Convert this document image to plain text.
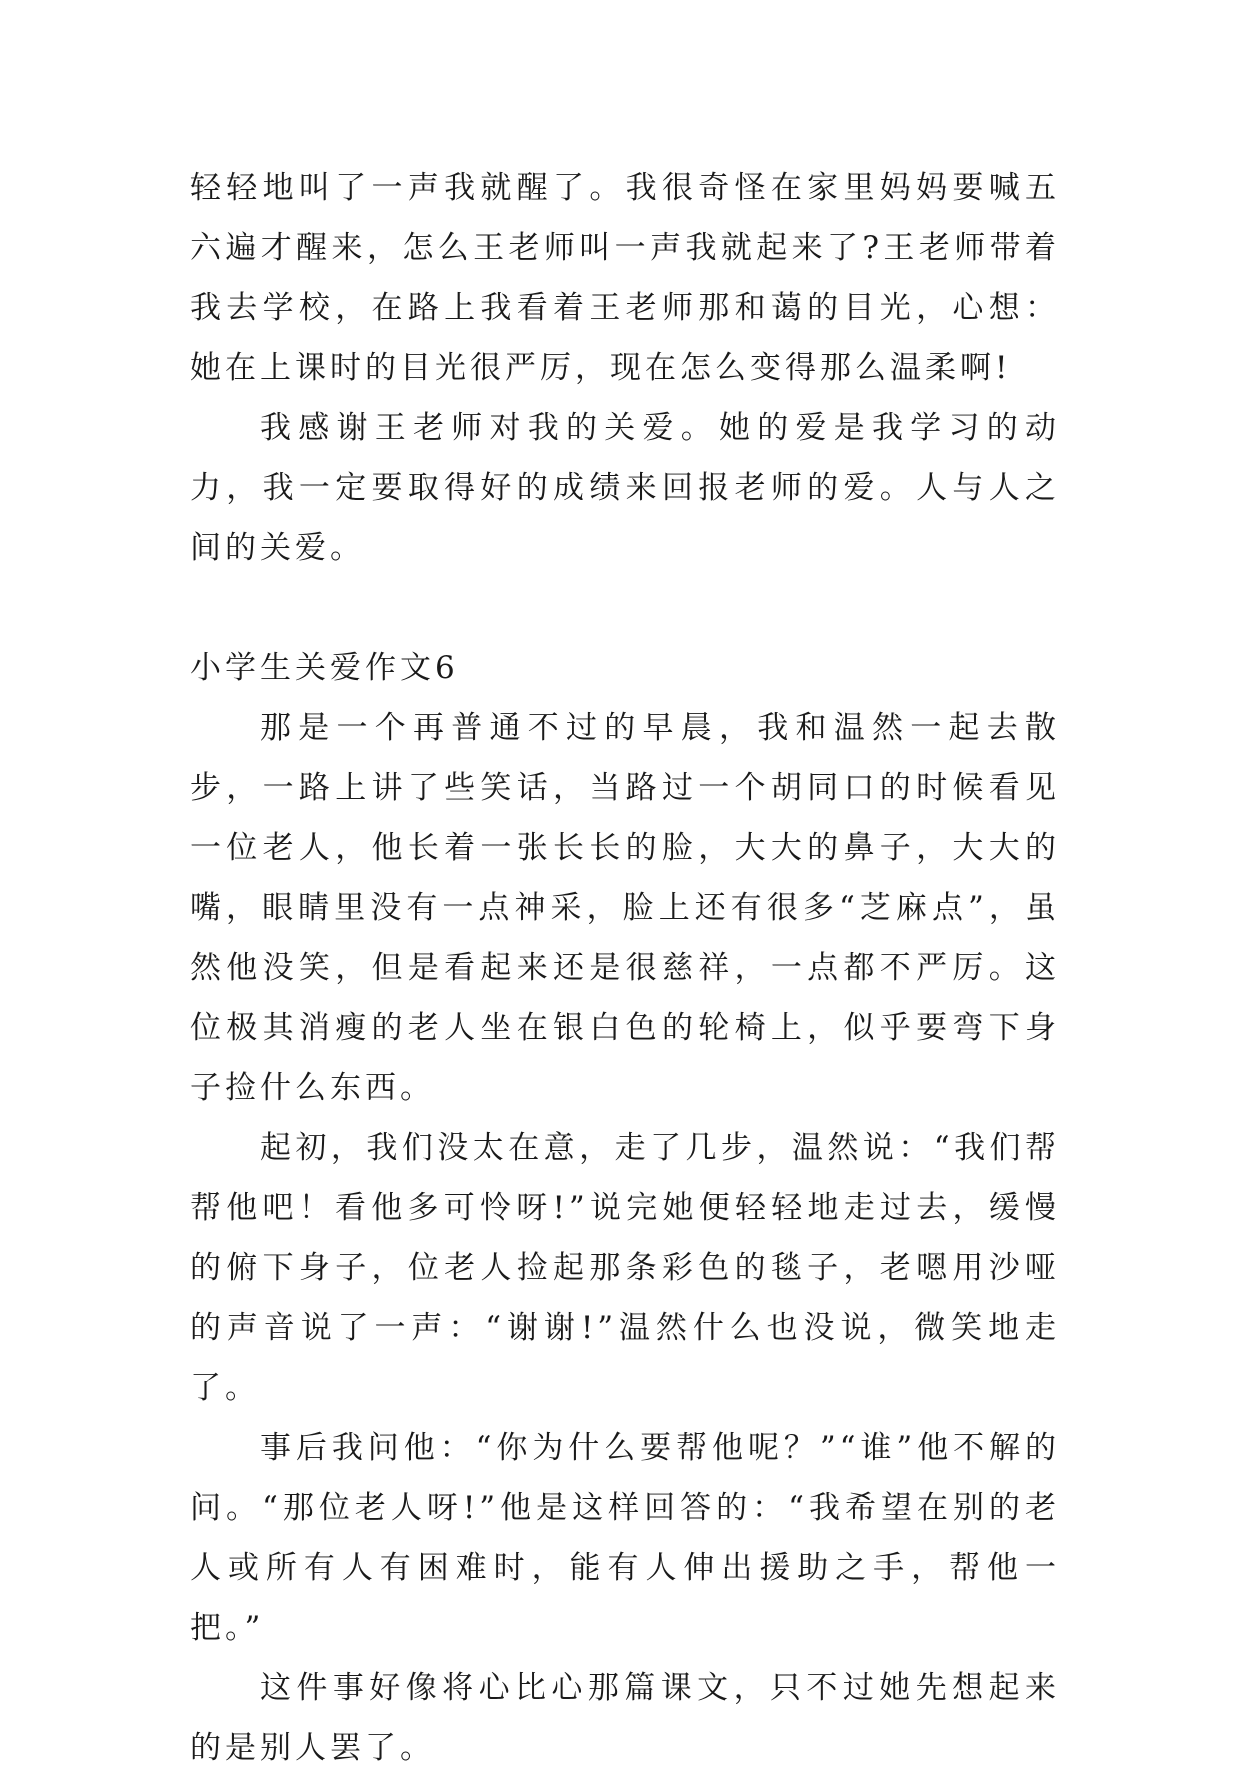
轻轻地叫了一声我就醒了。我很奇怪在家里妈妈要喊五六遍才醒来，怎么王老师叫一声我就起来了?王老师带着我去学校，在路上我看着王老师那和蔼的目光，心想：她在上课时的目光很严厉，现在怎么变得那么温柔啊!

我感谢王老师对我的关爱。她的爱是我学习的动力，我一定要取得好的成绩来回报老师的爱。人与人之间的关爱。

小学生关爱作文6

那是一个再普通不过的早晨，我和温然一起去散步，一路上讲了些笑话，当路过一个胡同口的时候看见一位老人，他长着一张长长的脸，大大的鼻子，大大的嘴，眼睛里没有一点神采，脸上还有很多“芝麻点”，虽然他没笑，但是看起来还是很慈祥，一点都不严厉。这位极其消瘦的老人坐在银白色的轮椅上，似乎要弯下身子捡什么东西。

起初，我们没太在意，走了几步，温然说：“我们帮帮他吧！看他多可怜呀!”说完她便轻轻地走过去，缓慢的俯下身子，位老人捡起那条彩色的毯子，老嗯用沙哑的声音说了一声：“谢谢!”温然什么也没说，微笑地走了。

事后我问他：“你为什么要帮他呢？”“谁”他不解的问。“那位老人呀!”他是这样回答的：“我希望在别的老人或所有人有困难时，能有人伸出援助之手，帮他一把。”

这件事好像将心比心那篇课文，只不过她先想起来的是别人罢了。
